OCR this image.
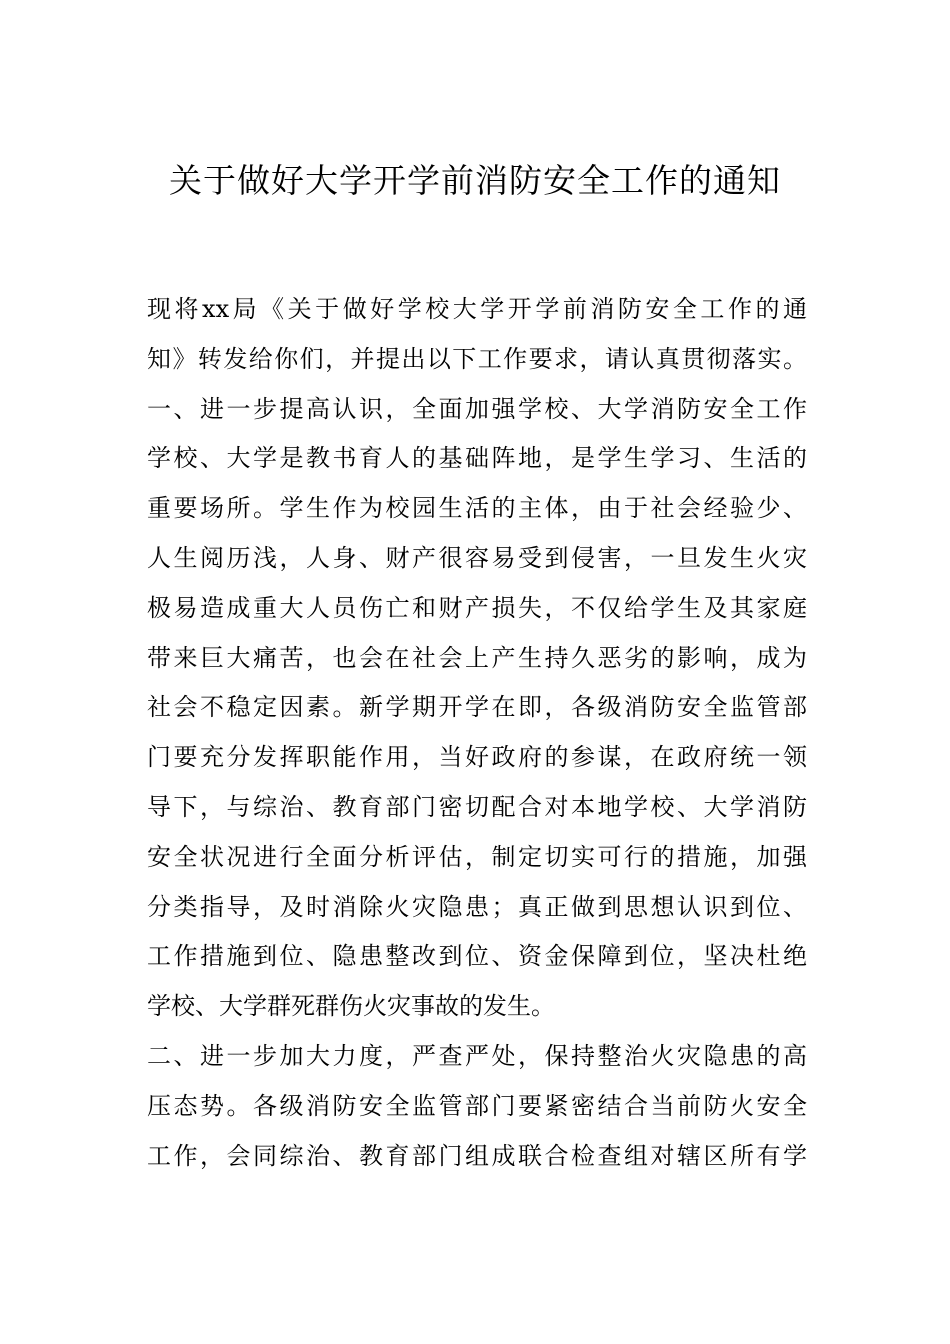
关于做好大学开学前消防安全工作的通知

现将xx局《关于做好学校大学开学前消防安全工作的通

知》转发给你们，并提出以下工作要求，请认真贯彻落实。

一、进一步提高认识，全面加强学校、大学消防安全工作

学校、大学是教书育人的基础阵地，是学生学习、生活的

重要场所。学生作为校园生活的主体，由于社会经验少、

人生阅历浅，人身、财产很容易受到侵害，一旦发生火灾

极易造成重大人员伤亡和财产损失，不仅给学生及其家庭

带来巨大痛苦，也会在社会上产生持久恶劣的影响，成为

社会不稳定因素。新学期开学在即，各级消防安全监管部

门要充分发挥职能作用，当好政府的参谋，在政府统一领

导下，与综治、教育部门密切配合对本地学校、大学消防

安全状况进行全面分析评估，制定切实可行的措施，加强

分类指导，及时消除火灾隐患；真正做到思想认识到位、

工作措施到位、隐患整改到位、资金保障到位，坚决杜绝

学校、大学群死群伤火灾事故的发生。

二、进一步加大力度，严查严处，保持整治火灾隐患的高

压态势。各级消防安全监管部门要紧密结合当前防火安全

工作，会同综治、教育部门组成联合检查组对辖区所有学
